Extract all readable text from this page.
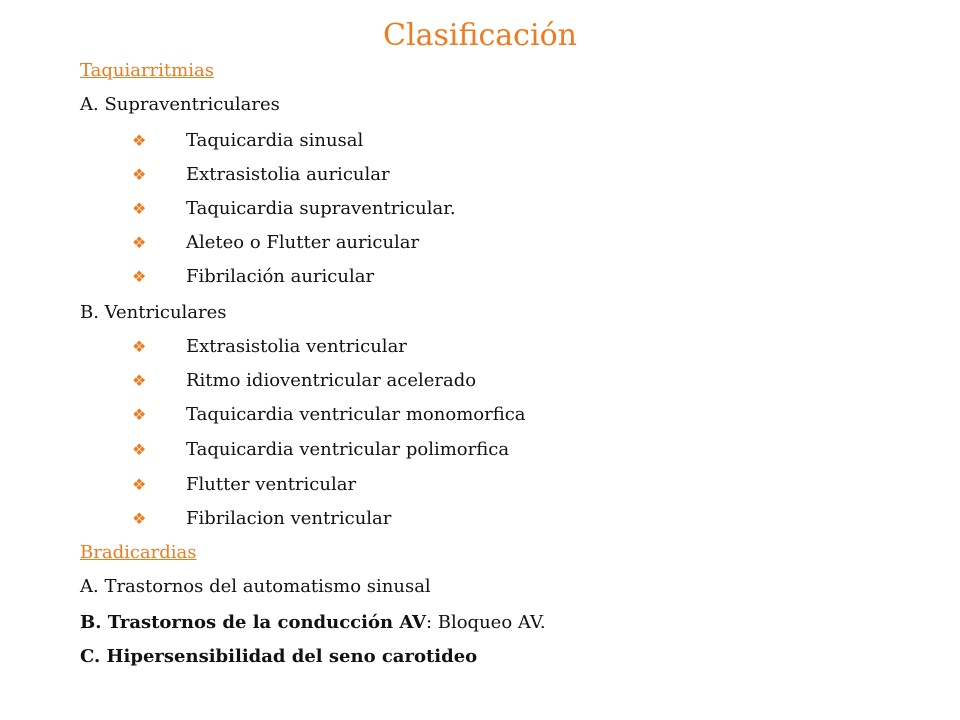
Clasificación
Taquiarritmias
A. Supraventriculares
❖ Taquicardia sinusal
❖ Extrasistolia auricular
❖ Taquicardia supraventricular.
❖ Aleteo o Flutter auricular
❖ Fibrilación auricular
B. Ventriculares
❖ Extrasistolia ventricular
❖ Ritmo idioventricular acelerado
❖ Taquicardia ventricular monomorfica
❖ Taquicardia ventricular polimorfica
❖ Flutter ventricular
❖ Fibrilacion ventricular
Bradicardias
A. Trastornos del automatismo sinusal
B. Trastornos de la conducción AV: Bloqueo AV.
C. Hipersensibilidad del seno carotideo
